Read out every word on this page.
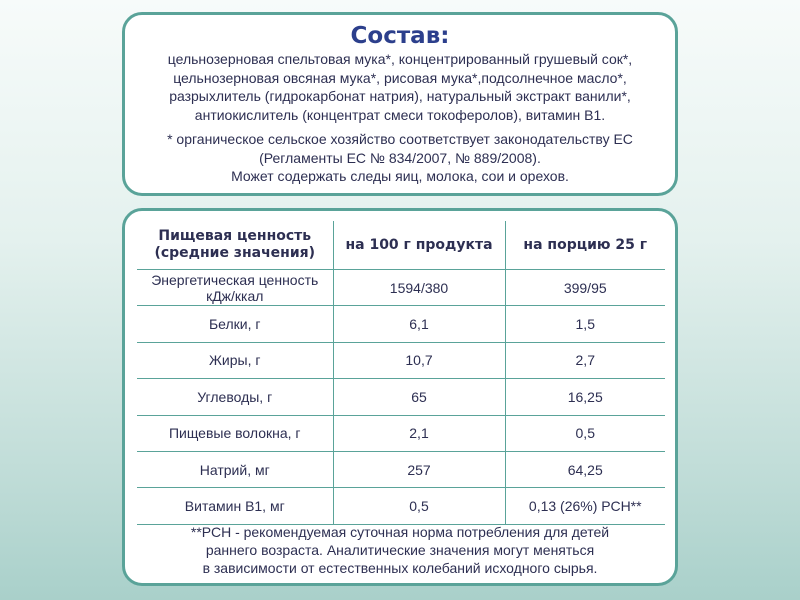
Состав:
цельнозерновая спельтовая мука*, концентрированный грушевый сок*,
цельнозерновая овсяная мука*, рисовая мука*,подсолнечное масло*,
разрыхлитель (гидрокарбонат натрия), натуральный экстракт ванили*,
антиокислитель (концентрат смеси токоферолов), витамин В1.
* органическое сельское хозяйство соответствует законодательству ЕС
(Регламенты ЕС № 834/2007, № 889/2008).
Может содержать следы яиц, молока, сои и орехов.
Пищевая ценность
(средние значения)	на 100 г продукта	на порцию 25 г

Энергетическая ценность
кДж/ккал	1594/380	399/95
Белки, г	6,1	1,5
Жиры, г	10,7	2,7
Углеводы, г	65	16,25
Пищевые волокна, г	2,1	0,5
Натрий, мг	257	64,25
Витамин В1, мг	0,5	0,13 (26%) РСН**
**РСН - рекомендуемая суточная норма потребления для детей
раннего возраста. Аналитические значения могут меняться
в зависимости от естественных колебаний исходного сырья.
